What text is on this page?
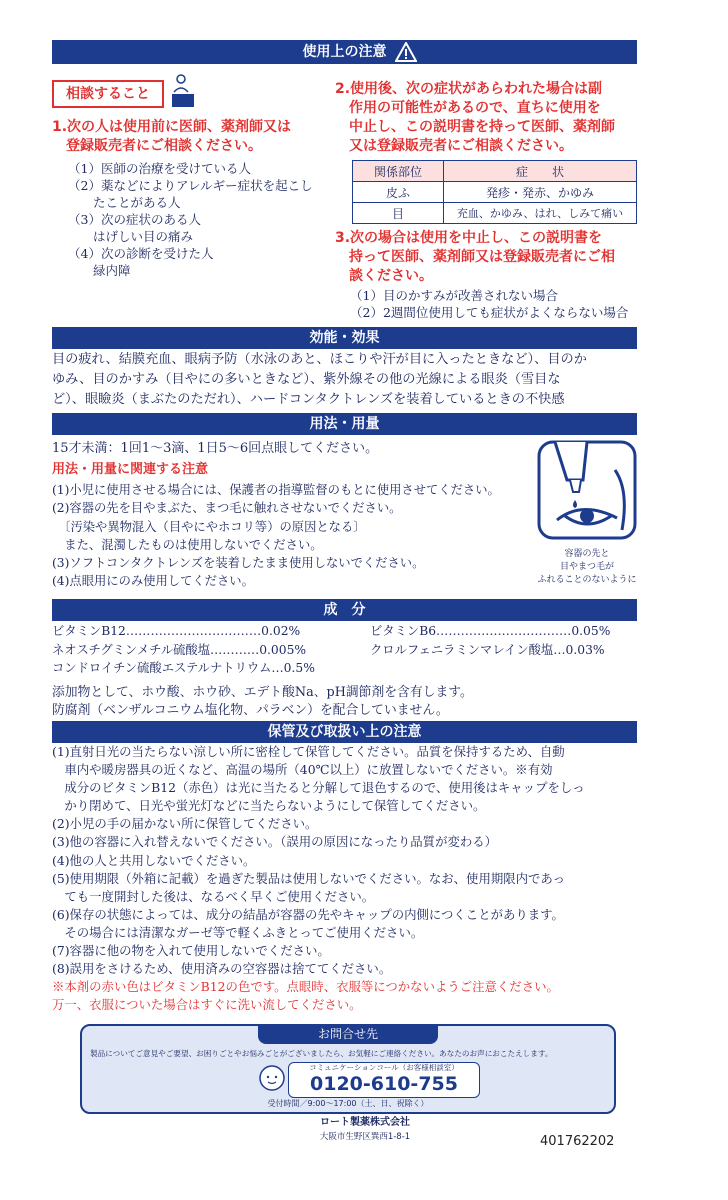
使用上の注意
相談すること
1.次の人は使用前に医師、薬剤師又は
登録販売者にご相談ください。
（1）医師の治療を受けている人
（2）薬などによりアレルギー症状を起こし
　　たことがある人
（3）次の症状のある人
　　はげしい目の痛み
（4）次の診断を受けた人
　　緑内障
2.使用後、次の症状があらわれた場合は副
作用の可能性があるので、直ちに使用を
中止し、この説明書を持って医師、薬剤師
又は登録販売者にご相談ください。
関係部位	症　　状
皮ふ	発疹・発赤、かゆみ
目	充血、かゆみ、はれ、しみて痛い
3.次の場合は使用を中止し、この説明書を
持って医師、薬剤師又は登録販売者にご相
談ください。
（1）目のかすみが改善されない場合
（2）2週間位使用しても症状がよくならない場合
効能・効果
目の疲れ、結膜充血、眼病予防（水泳のあと、ほこりや汗が目に入ったときなど）、目のか
ゆみ、目のかすみ（目やにの多いときなど）、紫外線その他の光線による眼炎（雪目な
ど）、眼瞼炎（まぶたのただれ）、ハードコンタクトレンズを装着しているときの不快感
用法・用量
15才未満：1回1～3滴、1日5～6回点眼してください。
用法・用量に関連する注意
(1)小児に使用させる場合には、保護者の指導監督のもとに使用させてください。
(2)容器の先を目やまぶた、まつ毛に触れさせないでください。
　〔汚染や異物混入（目やにやホコリ等）の原因となる〕
　また、混濁したものは使用しないでください。
(3)ソフトコンタクトレンズを装着したまま使用しないでください。
(4)点眼用にのみ使用してください。
容器の先と
目やまつ毛が
ふれることのないように
成　分
ビタミンB12……………………………0.02%	ビタミンB6……………………………0.05%
ネオスチグミンメチル硫酸塩…………0.005%	クロルフェニラミンマレイン酸塩…0.03%
コンドロイチン硫酸エステルナトリウム…0.5%
添加物として、ホウ酸、ホウ砂、エデト酸Na、pH調節剤を含有します。
防腐剤（ベンザルコニウム塩化物、パラベン）を配合していません。
保管及び取扱い上の注意
(1)直射日光の当たらない涼しい所に密栓して保管してください。品質を保持するため、自動
　車内や暖房器具の近くなど、高温の場所（40℃以上）に放置しないでください。※有効
　成分のビタミンB12（赤色）は光に当たると分解して退色するので、使用後はキャップをしっ
　かり閉めて、日光や蛍光灯などに当たらないようにして保管してください。
(2)小児の手の届かない所に保管してください。
(3)他の容器に入れ替えないでください。（誤用の原因になったり品質が変わる）
(4)他の人と共用しないでください。
(5)使用期限（外箱に記載）を過ぎた製品は使用しないでください。なお、使用期限内であっ
　ても一度開封した後は、なるべく早くご使用ください。
(6)保存の状態によっては、成分の結晶が容器の先やキャップの内側につくことがあります。
　その場合には清潔なガーゼ等で軽くふきとってご使用ください。
(7)容器に他の物を入れて使用しないでください。
(8)誤用をさけるため、使用済みの空容器は捨ててください。
※本剤の赤い色はビタミンB12の色です。点眼時、衣服等につかないようご注意ください。
万一、衣服についた場合はすぐに洗い流してください。
お問合せ先
製品についてご意見やご要望、お困りごとやお悩みごとがございましたら、お気軽にご連絡ください。あなたのお声におこたえします。
コミュニケーションコール（お客様相談室）
0120-610-755
受付時間／9:00～17:00（土、日、祝除く）
ロート製薬株式会社
大阪市生野区巽西1-8-1	401762202
